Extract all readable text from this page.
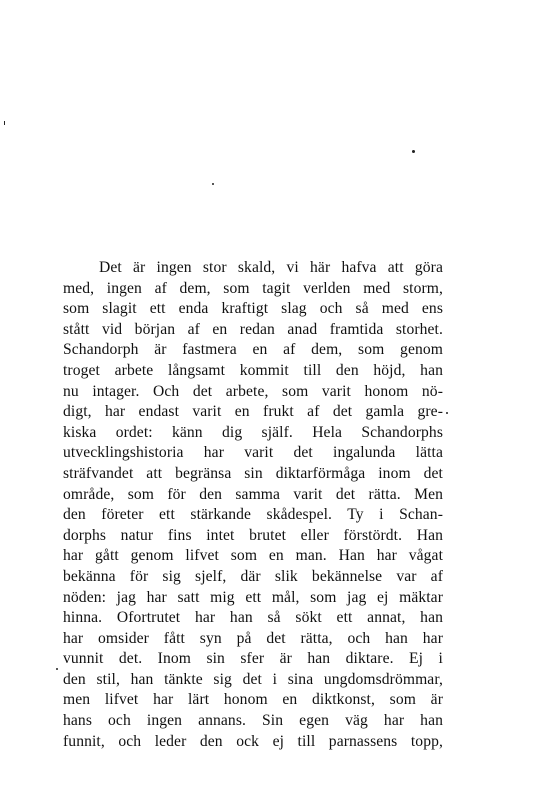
Det är ingen stor skald, vi här hafva att göra
med, ingen af dem, som tagit verlden med storm,
som slagit ett enda kraftigt slag och så med ens
stått vid början af en redan anad framtida storhet.
Schandorph är fastmera en af dem, som genom
troget arbete långsamt kommit till den höjd, han
nu intager. Och det arbete, som varit honom nö-
digt, har endast varit en frukt af det gamla gre-
kiska ordet: känn dig själf. Hela Schandorphs
utvecklingshistoria har varit det ingalunda lätta
sträfvandet att begränsa sin diktarförmåga inom det
område, som för den samma varit det rätta. Men
den företer ett stärkande skådespel. Ty i Schan-
dorphs natur fins intet brutet eller förstördt. Han
har gått genom lifvet som en man. Han har vågat
bekänna för sig sjelf, där slik bekännelse var af
nöden: jag har satt mig ett mål, som jag ej mäktar
hinna. Ofortrutet har han så sökt ett annat, han
har omsider fått syn på det rätta, och han har
vunnit det. Inom sin sfer är han diktare. Ej i
den stil, han tänkte sig det i sina ungdomsdrömmar,
men lifvet har lärt honom en diktkonst, som är
hans och ingen annans. Sin egen väg har han
funnit, och leder den ock ej till parnassens topp,
